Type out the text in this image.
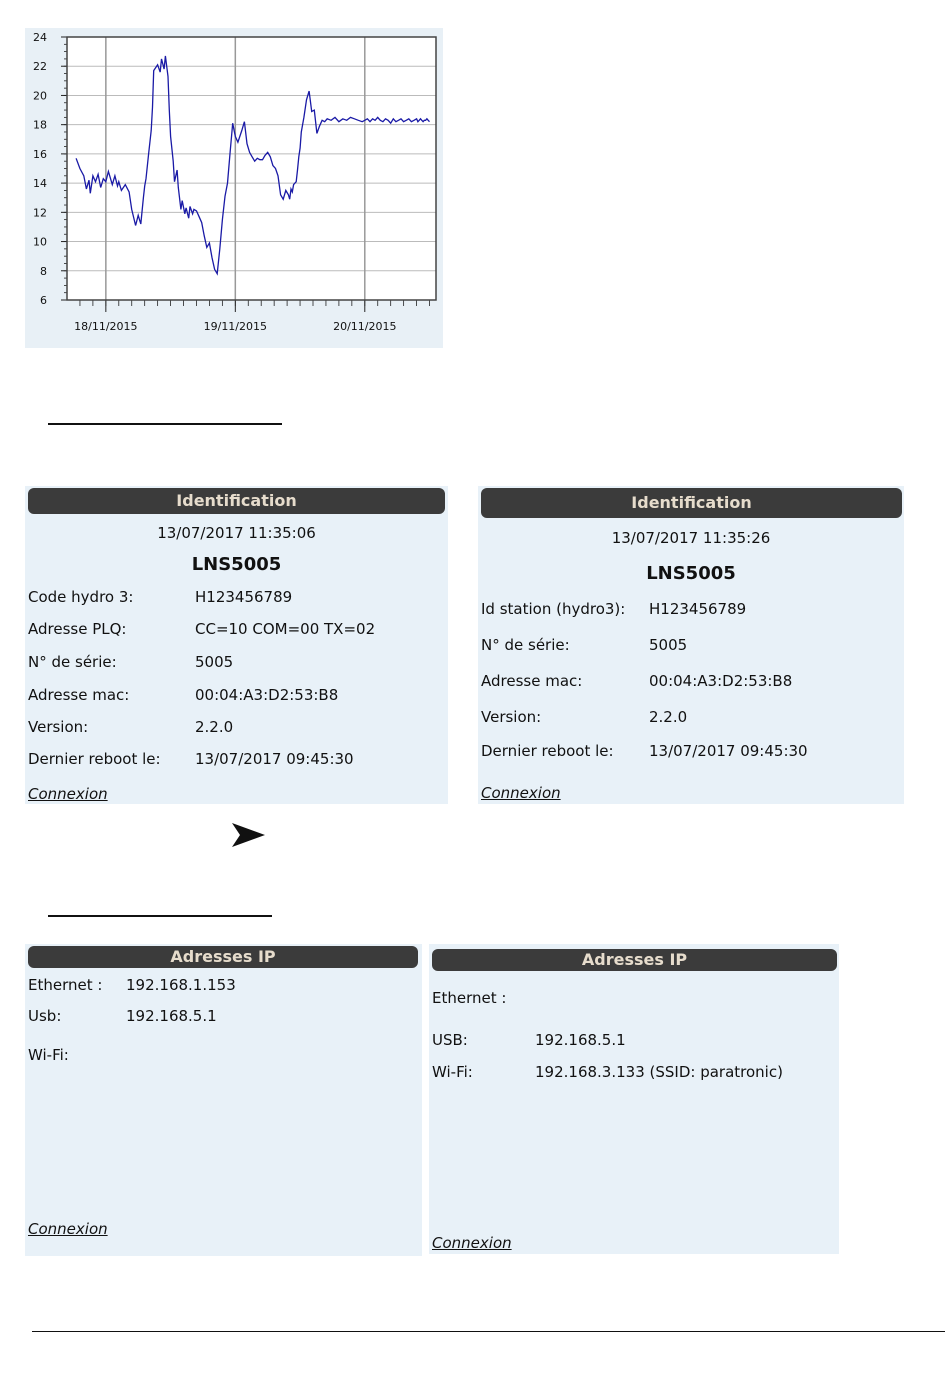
6
8
10
12
14
16
18
20
22
24
18/11/2015	19/11/2015	20/11/2015
Identification
13/07/2017 11:35:06
LNS5005
Code hydro 3:	H123456789
Adresse PLQ:	CC=10 COM=00 TX=02
N° de série:	5005
Adresse mac:	00:04:A3:D2:53:B8
Version:	2.2.0
Dernier reboot le: 13/07/2017 09:45:30
Connexion
Identification
13/07/2017 11:35:26
LNS5005
Id station (hydro3): H123456789
N° de série:	5005
Adresse mac:	00:04:A3:D2:53:B8
Version:	2.2.0
Dernier reboot le: 13/07/2017 09:45:30
Connexion
Adresses IP
Ethernet : 192.168.1.153
Usb:	192.168.5.1
Wi-Fi:
Connexion
Adresses IP
Ethernet :
USB:	192.168.5.1
Wi-Fi:	192.168.3.133 (SSID: paratronic)
Connexion
